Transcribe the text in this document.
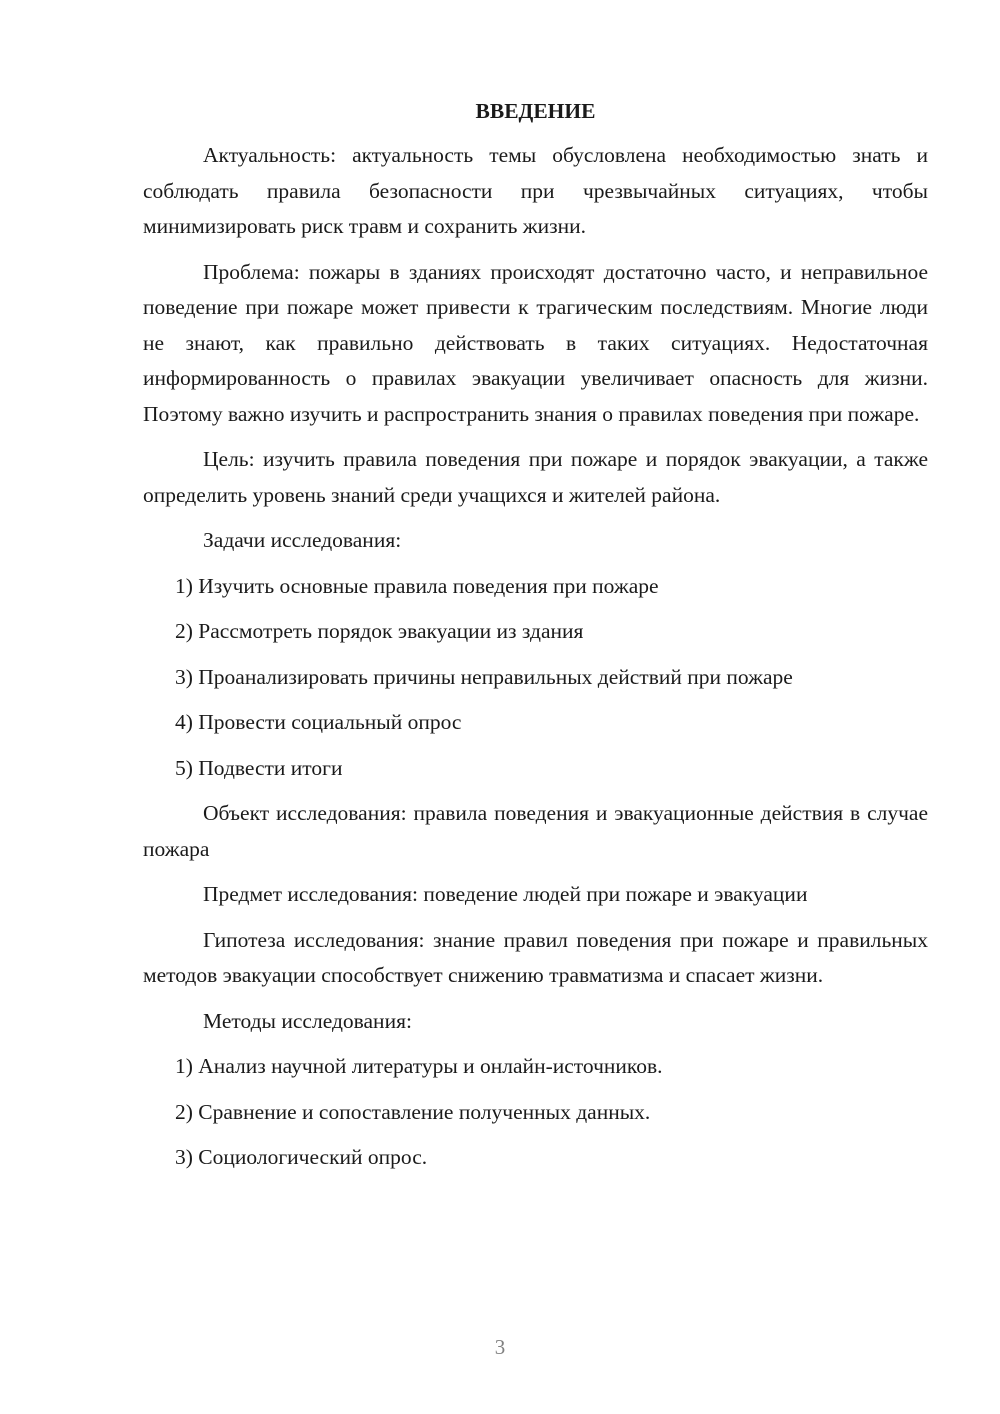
ВВЕДЕНИЕ

Актуальность: актуальность темы обусловлена необходимостью знать и соблюдать правила безопасности при чрезвычайных ситуациях, чтобы минимизировать риск травм и сохранить жизни.

Проблема: пожары в зданиях происходят достаточно часто, и неправильное поведение при пожаре может привести к трагическим последствиям. Многие люди не знают, как правильно действовать в таких ситуациях. Недостаточная информированность о правилах эвакуации увеличивает опасность для жизни. Поэтому важно изучить и распространить знания о правилах поведения при пожаре.

Цель: изучить правила поведения при пожаре и порядок эвакуации, а также определить уровень знаний среди учащихся и жителей района.

Задачи исследования:

1) Изучить основные правила поведения при пожаре
2) Рассмотреть порядок эвакуации из здания
3) Проанализировать причины неправильных действий при пожаре
4) Провести социальный опрос
5) Подвести итоги

Объект исследования: правила поведения и эвакуационные действия в случае пожара

Предмет исследования: поведение людей при пожаре и эвакуации

Гипотеза исследования: знание правил поведения при пожаре и правильных методов эвакуации способствует снижению травматизма и спасает жизни.

Методы исследования:

1) Анализ научной литературы и онлайн-источников.
2) Сравнение и сопоставление полученных данных.
3) Социологический опрос.
3
